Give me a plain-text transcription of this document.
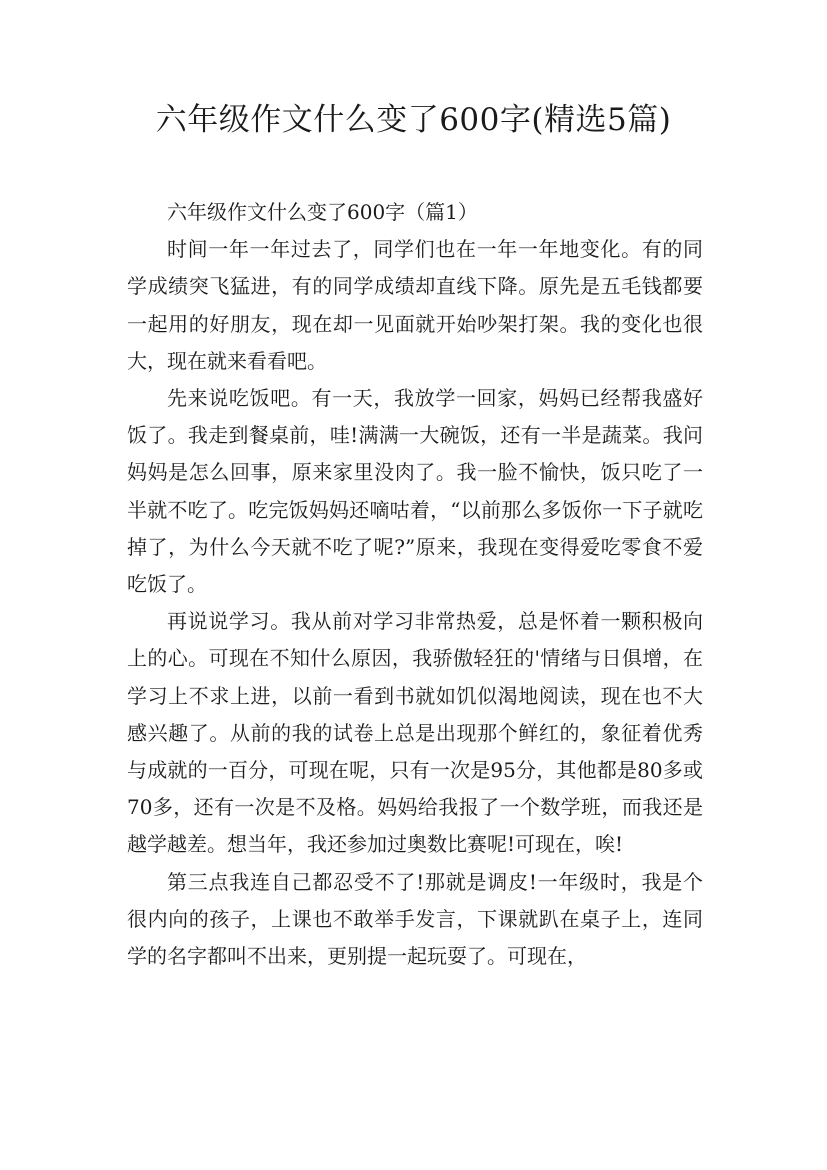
六年级作文什么变了600字(精选5篇)

六年级作文什么变了600字（篇1）

时间一年一年过去了，同学们也在一年一年地变化。有的同学成绩突飞猛进，有的同学成绩却直线下降。原先是五毛钱都要一起用的好朋友，现在却一见面就开始吵架打架。我的变化也很大，现在就来看看吧。

先来说吃饭吧。有一天，我放学一回家，妈妈已经帮我盛好饭了。我走到餐桌前，哇!满满一大碗饭，还有一半是蔬菜。我问妈妈是怎么回事，原来家里没肉了。我一脸不愉快，饭只吃了一半就不吃了。吃完饭妈妈还嘀咕着，“以前那么多饭你一下子就吃掉了，为什么今天就不吃了呢?”原来，我现在变得爱吃零食不爱吃饭了。

再说说学习。我从前对学习非常热爱，总是怀着一颗积极向上的心。可现在不知什么原因，我骄傲轻狂的'情绪与日俱增，在学习上不求上进，以前一看到书就如饥似渴地阅读，现在也不大感兴趣了。从前的我的试卷上总是出现那个鲜红的，象征着优秀与成就的一百分，可现在呢，只有一次是95分，其他都是80多或70多，还有一次是不及格。妈妈给我报了一个数学班，而我还是越学越差。想当年，我还参加过奥数比赛呢!可现在，唉!

第三点我连自己都忍受不了!那就是调皮!一年级时，我是个很内向的孩子，上课也不敢举手发言，下课就趴在桌子上，连同学的名字都叫不出来，更别提一起玩耍了。可现在，
